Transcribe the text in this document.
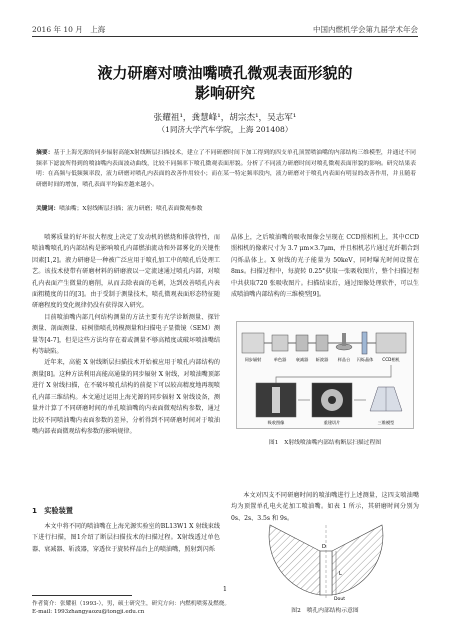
2016 年 10 月　上海	中国内燃机学会第九届学术年会
液力研磨对喷油嘴喷孔微观表面形貌的
影响研究
张耀祖¹，龚慧峰¹，胡宗杰¹，吴志军¹
（1同济大学汽车学院，上海 201408）
摘要：基于上海光源的同步辐射高能X射线断层扫描技术，建立了不同研磨时间下加工得到的四支单孔顶置喷油嘴的内部结构三维模型，并通过不同频率下滤波所得到的喷油嘴内表面波动曲线，比较不同频率下喷孔微观表面形貌。分析了不同液力研磨时间对喷孔微观表面形貌的影响。研究结果表明：在高频与低频频率段，液力研磨对喷孔内表面的改善作用较小；而在某一特定频率段内，液力研磨对于喷孔内表面有明显的改善作用，并且随着研磨时间的增加，喷孔表面平均偏差越来越小。
关键词：喷油嘴；X射线断层扫描；液力研磨；喷孔表面微观参数

喷雾质量的好坏很大程度上决定了发动机的燃烧和排放特性，而喷油嘴喷孔的内部结构是影响喷孔内部燃油流动和外部雾化的关键性因素[1,2]。液力研磨是一种被广泛应用于喷孔加工中的喷孔后处理工艺。该技术使带有研磨材料的研磨液以一定流速通过喷孔内部，对喷孔内表面产生微量的磨削，从而去除表面的毛刺，达到改善喷孔内表面粗糙度的目的[3]。由于受制于测量技术，喷孔微观表面形态特征随研磨程度的变化规律仍没有获得深入研究。

目前喷油嘴内部几何结构测量的方法主要有光学诊断测量、探针测量、剖面测量、硅树脂喷孔铸模测量和扫描电子显微镜（SEM）测量等[4-7]，但是这些方法均存在着或测量不够高精度或破坏喷油嘴结构等缺陷。

近年来，高能 X 射线断层扫描技术开始被应用于喷孔内部结构的测量[8]。这种方法利用高能高通量的同步辐射 X 射线，对喷油嘴顶部进行 X 射线扫描，在不破坏喷孔结构的前提下可以较高精度地再现喷孔内部三维结构。本文通过运用上海光源的同步辐射 X 射线设备，测量并计算了不同研磨时间的单孔喷油嘴的内表面微观结构参数，通过比较不同喷油嘴内表面参数的差异，分析得到不同研磨时间对于喷油嘴内部表面微观结构参数的影响规律。

1　实验装置

本文中将不同的喷油嘴在上海光源实验室的BL13W1 X 射线束线下进行扫描，图1介绍了断层扫描技术的扫描过程。X射线透过单色器、衰减器、斩波器，穿透位于旋转样品台上的喷油嘴，照射到闪烁

晶体上，之后喷油嘴的吸收图像会呈现在 CCD照相机上，其中CCD照相机的像素尺寸为 3.7 μm×3.7μm，并且相机芯片通过光纤耦合到闪烁晶体上。X 射线的光子能量为 50keV，同时曝光时间设置在 8ms。扫描过程中，每旋转 0.25°获取一张吸收图片，整个扫描过程中共获取720 张吸收图片。扫描结束后，通过图像处理软件，可以生成喷油嘴内部结构的三维模型[9]。

同步辐射	单色器 衰减器 斩波器 样品台 闪烁晶体 CCD相机
吸收图像	重建切片	三维模型
图1　X射线喷油嘴内部结构断层扫描过程图

本文对四支不同研磨时间的喷油嘴进行上述测量，这四支喷油嘴均为顶置单孔电火花加工喷油嘴。如表 1 所示，其研磨时间分别为 0s、2s、3.5s 和 9s。

L
D
Dout
图2　喷孔内部结构示意图
1
作者简介：张耀祖（1993-），男，硕士研究生，研究方向：内燃机喷雾及燃烧。
E-mail: 1993zhangyaozu@tongji.edu.cn
